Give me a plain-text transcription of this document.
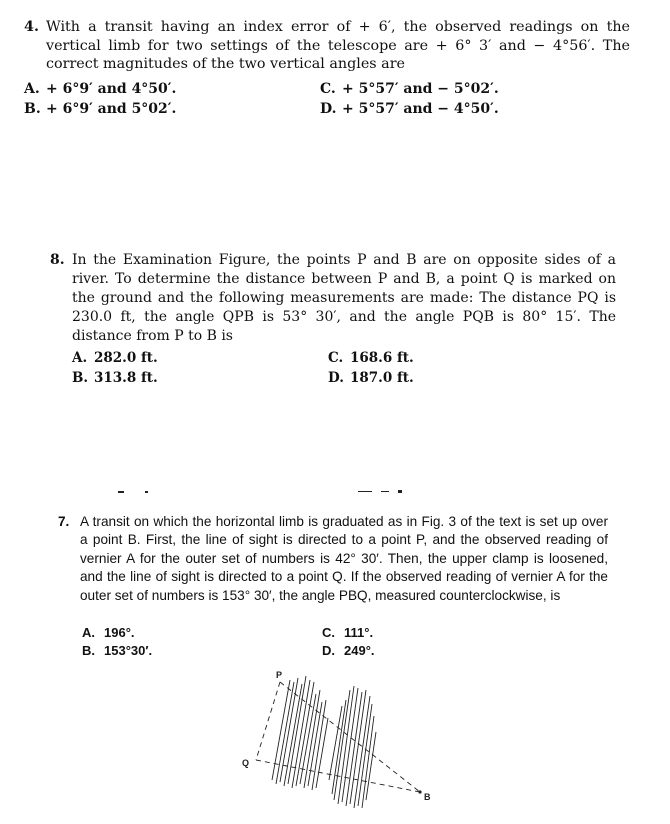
4. With a transit having an index error of + 6′, the observed readings on the vertical limb for two settings of the telescope are + 6° 3′ and − 4°56′. The correct magnitudes of the two vertical angles are
A. + 6°9′ and 4°50′.
B. + 6°9′ and 5°02′.
C. + 5°57′ and − 5°02′.
D. + 5°57′ and − 4°50′.
8. In the Examination Figure, the points P and B are on opposite sides of a river. To determine the distance between P and B, a point Q is marked on the ground and the following measurements are made: The distance PQ is 230.0 ft, the angle QPB is 53° 30′, and the angle PQB is 80° 15′. The distance from P to B is
A. 282.0 ft.
B. 313.8 ft.
C. 168.6 ft.
D. 187.0 ft.
7. A transit on which the horizontal limb is graduated as in Fig. 3 of the text is set up over a point B. First, the line of sight is directed to a point P, and the observed reading of vernier A for the outer set of numbers is 42° 30′. Then, the upper clamp is loosened, and the line of sight is directed to a point Q. If the observed reading of vernier A for the outer set of numbers is 153° 30′, the angle PBQ, measured counterclockwise, is
A. 196°.
B. 153°30′.
C. 111°.
D. 249°.
P
Q
B
